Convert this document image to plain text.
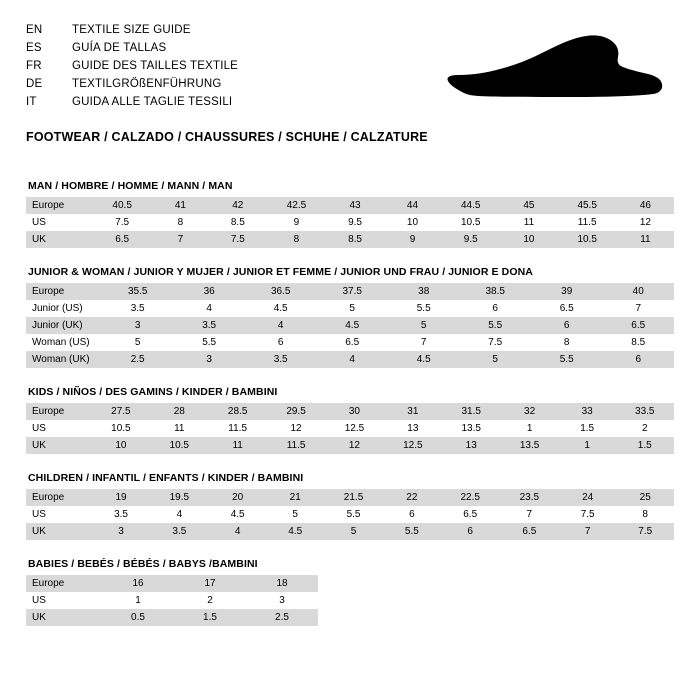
EN	TEXTILE SIZE GUIDE
ES	GUÍA DE TALLAS
FR	GUIDE DES TAILLES TEXTILE
DE	TEXTILGRÖßENFÜHRUNG
IT	GUIDA ALLE TAGLIE TESSILI
FOOTWEAR / CALZADO / CHAUSSURES / SCHUHE / CALZATURE
MAN / HOMBRE / HOMME / MANN / MAN
Europe	40.5	41	42	42.5	43	44	44.5	45	45.5	46
US	7.5	8	8.5	9	9.5	10	10.5	11	11.5	12
UK	6.5	7	7.5	8	8.5	9	9.5	10	10.5	11
JUNIOR & WOMAN / JUNIOR Y MUJER / JUNIOR ET FEMME / JUNIOR UND FRAU / JUNIOR E DONA
Europe	35.5	36	36.5	37.5	38	38.5	39	40
Junior (US)	3.5	4	4.5	5	5.5	6	6.5	7
Junior (UK)	3	3.5	4	4.5	5	5.5	6	6.5
Woman (US)	5	5.5	6	6.5	7	7.5	8	8.5
Woman (UK)	2.5	3	3.5	4	4.5	5	5.5	6
KIDS / NIÑOS / DES GAMINS / KINDER / BAMBINI
Europe	27.5	28	28.5	29.5	30	31	31.5	32	33	33.5
US	10.5	11	11.5	12	12.5	13	13.5	1	1.5	2
UK	10	10.5	11	11.5	12	12.5	13	13.5	1	1.5
CHILDREN / INFANTIL / ENFANTS / KINDER / BAMBINI
Europe	19	19.5	20	21	21.5	22	22.5	23.5	24	25
US	3.5	4	4.5	5	5.5	6	6.5	7	7.5	8
UK	3	3.5	4	4.5	5	5.5	6	6.5	7	7.5
BABIES / BEBÉS / BÉBÉS / BABYS /BAMBINI
Europe	16	17	18
US	1	2	3
UK	0.5	1.5	2.5
